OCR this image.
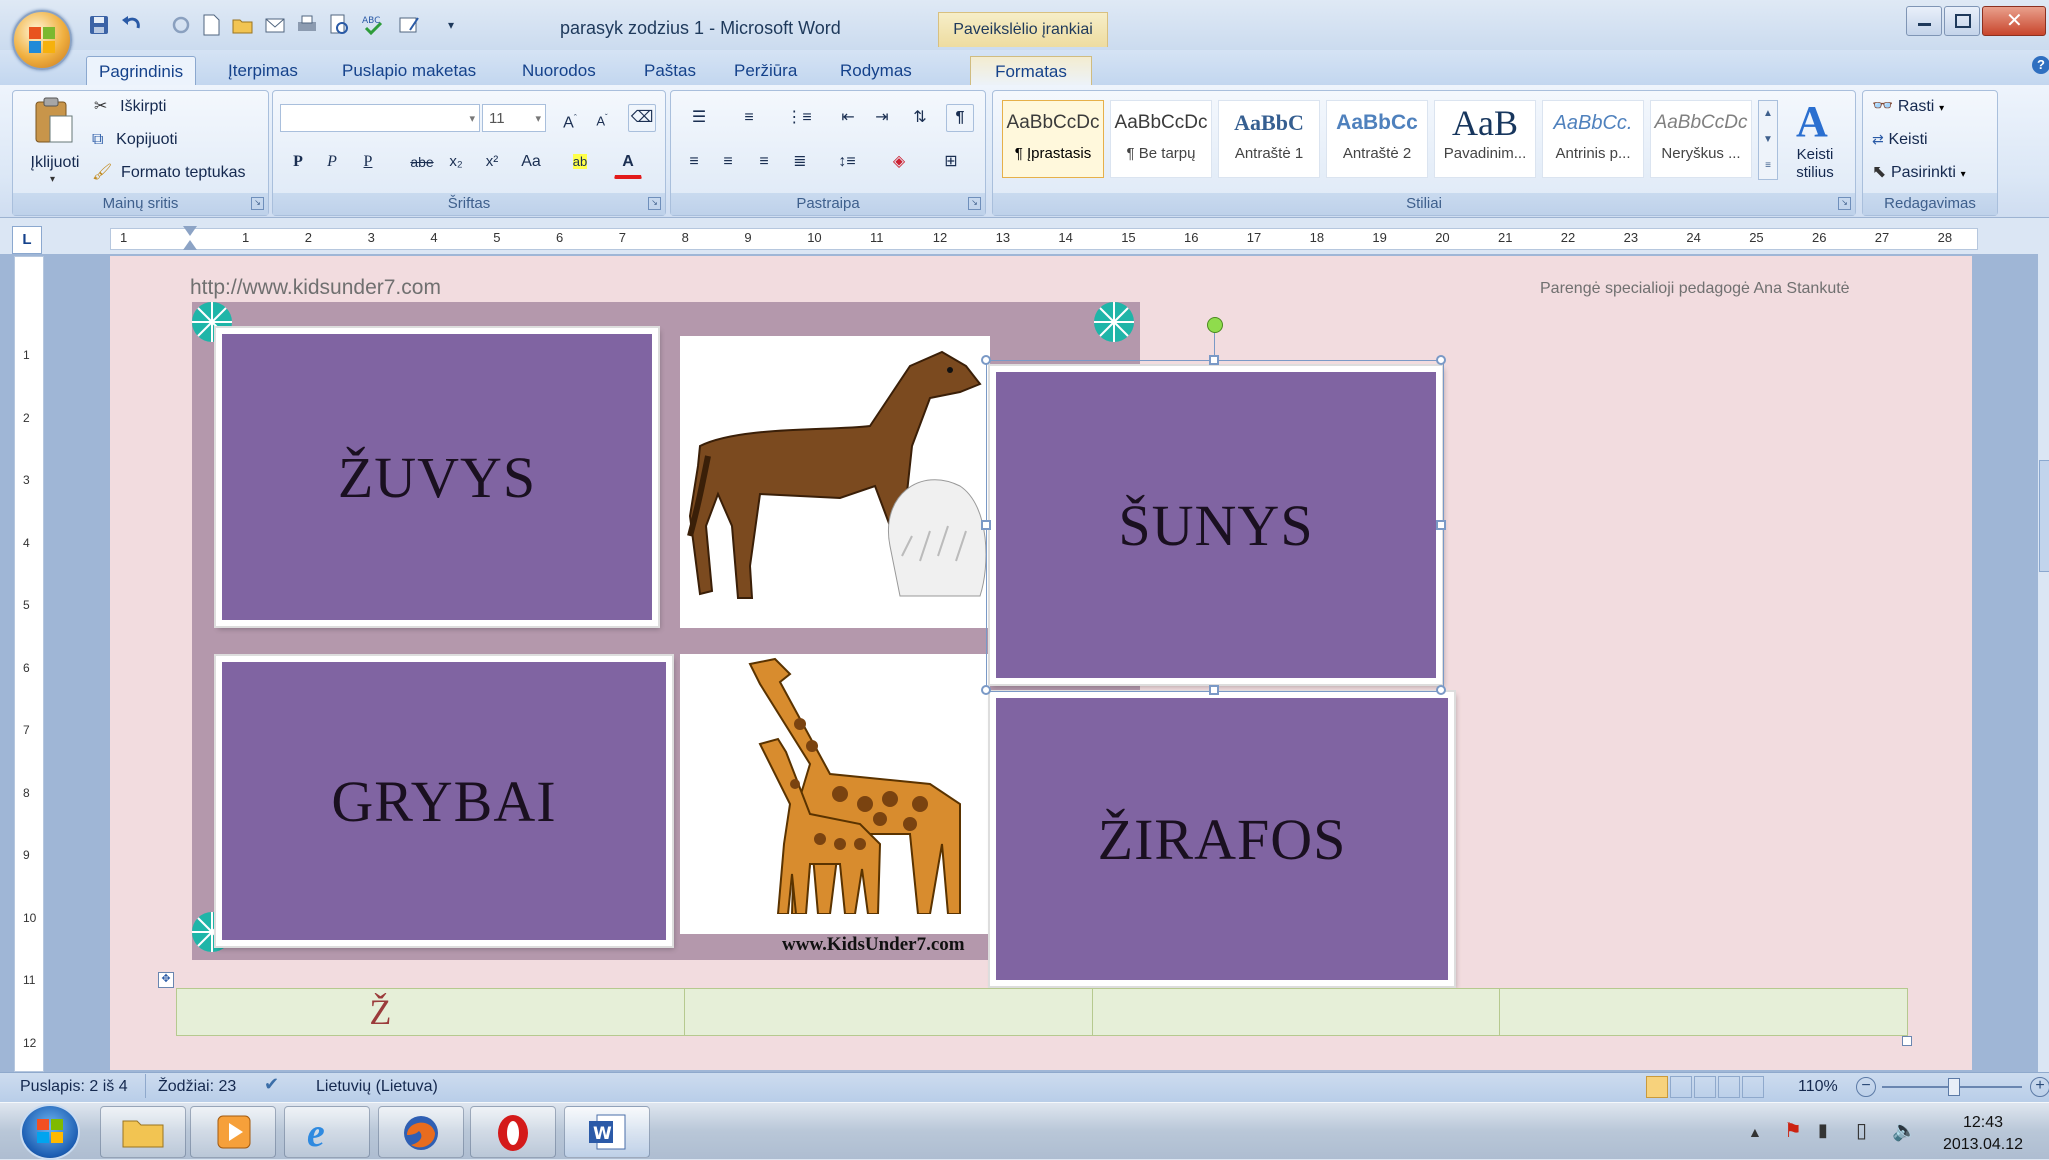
ABC	▾	parasyk zodzius 1 - Microsoft Word	Paveikslėlio įrankiai	✕
Pagrindinis	Įterpimas	Puslapio maketas	Nuorodos	Paštas	Peržiūra	Rodymas	Formatas	?
Mainų sritis	↘
Įklijuoti
▾
✂ Iškirpti
⧉ Kopijuoti
🖌 Formato teptukas
Šriftas	↘
▾ 11	▾	$A^ˆ$	$A^ˇ$	⌫
P	P	P	abe	x₂	x²	Aa	ab	A
Pastraipa	↘
☰	≡	⋮≡	⇤	⇥	⇅	¶
≡	≡	≡	≣	↕≡	◈	⊞
Stiliai	↘
AaBbCcDc
¶ Įprastasis
AaBbCcDc
¶ Be tarpų
AaBbC
Antraštė 1
AaBbCc
Antraštė 2
AaB
Pavadinim...
AaBbCc.
Antrinis p...
AaBbCcDc
Neryškus ...
▲
▼
≡
A
Keisti stilius
Redagavimas
👓 Rasti ▾
⇄ Keisti
⬉ Pasirinkti ▾
L	1	1	2	3	4	5	6	7	8	9	10	11	12	13	14	15	16	17	18	19	20	21	22	23	24	25	26	27	28
1
2
3
4
5
6
7
8
9
10
11
12
http://www.kidsunder7.com	Parengė specialioji pedagogė Ana Stankutė
www.KidsUnder7.com
ŽUVYS
GRYBAI
ŠUNYS
ŽIRAFOS
✥
Ž
Puslapis: 2 iš 4 Žodžiai: 23 ✔ Lietuvių (Lietuva)	110%	−	+
e	W	▲ ⚑ ▮ ▯ 🔈	12:43
2013.04.12
